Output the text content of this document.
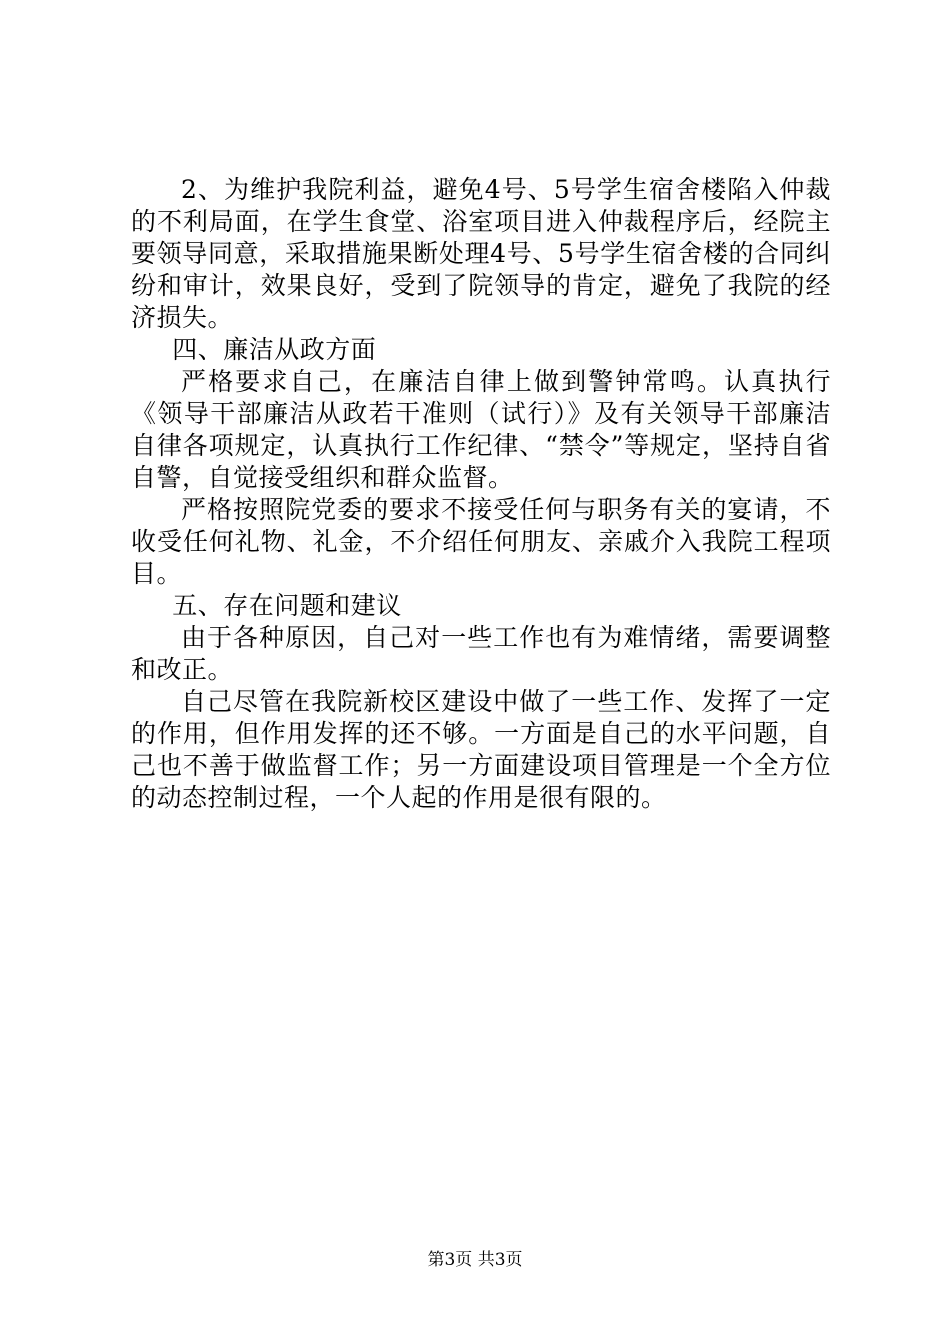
2、为维护我院利益，避免4号、5号学生宿舍楼陷入仲裁的不利局面，在学生食堂、浴室项目进入仲裁程序后，经院主要领导同意，采取措施果断处理4号、5号学生宿舍楼的合同纠纷和审计，效果良好，受到了院领导的肯定，避免了我院的经济损失。

四、廉洁从政方面

严格要求自己，在廉洁自律上做到警钟常鸣。认真执行《领导干部廉洁从政若干准则（试行）》及有关领导干部廉洁自律各项规定，认真执行工作纪律、“禁令”等规定，坚持自省自警，自觉接受组织和群众监督。

严格按照院党委的要求不接受任何与职务有关的宴请，不收受任何礼物、礼金，不介绍任何朋友、亲戚介入我院工程项目。

五、存在问题和建议

由于各种原因，自己对一些工作也有为难情绪，需要调整和改正。

自己尽管在我院新校区建设中做了一些工作、发挥了一定的作用，但作用发挥的还不够。一方面是自己的水平问题，自己也不善于做监督工作；另一方面建设项目管理是一个全方位的动态控制过程，一个人起的作用是很有限的。

第3页 共3页
